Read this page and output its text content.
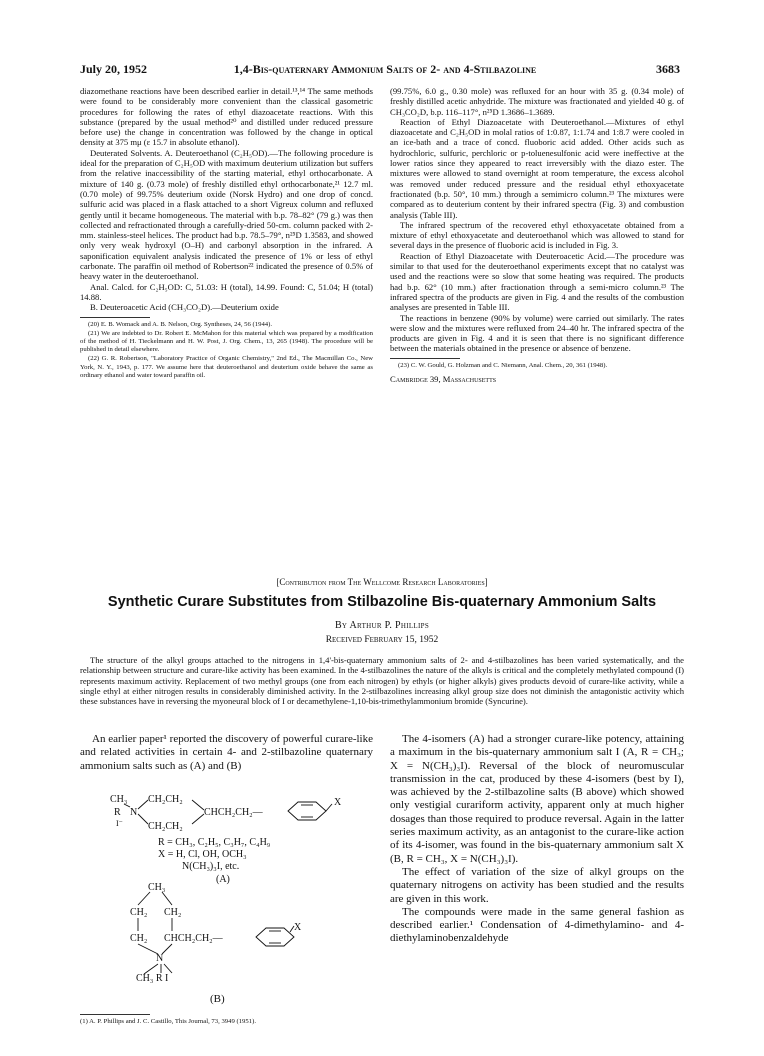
July 20, 1952	1,4-Bis-quaternary Ammonium Salts of 2- and 4-Stilbazoline	3683

diazomethane reactions have been described earlier in detail.¹³,¹⁴ The same methods were found to be considerably more convenient than the classical gasometric procedures for following the rates of ethyl diazoacetate reactions. With this substance (prepared by the usual method²⁰ and distilled under reduced pressure before use) the change in concentration was followed by the change in optical density at 375 mμ (ε 15.7 in absolute ethanol).

Deuterated Solvents. A. Deuteroethanol (C₂H₅OD).—The following procedure is ideal for the preparation of C₂H₅OD with maximum deuterium utilization but suffers from the relative inaccessibility of the starting material, ethyl orthocarbonate. A mixture of 140 g. (0.73 mole) of freshly distilled ethyl orthocarbonate,²¹ 12.7 ml. (0.70 mole) of 99.75% deuterium oxide (Norsk Hydro) and one drop of concd. sulfuric acid was placed in a flask attached to a short Vigreux column and refluxed gently until it became homogeneous. The material with b.p. 78–82° (79 g.) was then collected and refractionated through a carefully-dried 50-cm. column packed with 2-mm. stainless-steel helices. The product had b.p. 78.5–79°, n²⁵D 1.3583, and showed only very weak hydroxyl (O–H) and carbonyl absorption in the infrared. A saponification equivalent analysis indicated the presence of 1% or less of ethyl carbonate. The paraffin oil method of Robertson²² indicated the presence of 0.5% of heavy water in the deuteroethanol.

Anal. Calcd. for C₂H₅OD: C, 51.03: H (total), 14.99. Found: C, 51.04; H (total) 14.88.

B. Deuteroacetic Acid (CH₃CO₂D).—Deuterium oxide

(20) E. B. Womack and A. B. Nelson, Org. Syntheses, 24, 56 (1944).

(21) We are indebted to Dr. Robert E. McMahon for this material which was prepared by a modification of the method of H. Tieckelmann and H. W. Post, J. Org. Chem., 13, 265 (1948). The procedure will be published in detail elsewhere.

(22) G. R. Robertson, "Laboratory Practice of Organic Chemistry," 2nd Ed., The Macmillan Co., New York, N. Y., 1943, p. 177. We assume here that deuteroethanol and deuterium oxide behave the same as ordinary ethanol and water toward paraffin oil.

(99.75%, 6.0 g., 0.30 mole) was refluxed for an hour with 35 g. (0.34 mole) of freshly distilled acetic anhydride. The mixture was fractionated and yielded 40 g. of CH₃CO₂D, b.p. 116–117°, n²⁵D 1.3686–1.3689.

Reaction of Ethyl Diazoacetate with Deuteroethanol.—Mixtures of ethyl diazoacetate and C₂H₅OD in molal ratios of 1:0.87, 1:1.74 and 1:8.7 were cooled in an ice-bath and a trace of concd. fluoboric acid added. Other acids such as hydrochloric, sulfuric, perchloric or p-toluenesulfonic acid were ineffective at the lower ratios since they appeared to react irreversibly with the diazo ester. The mixtures were allowed to stand overnight at room temperature, the excess alcohol was removed under reduced pressure and the residual ethyl ethoxyacetate fractionated (b.p. 50°, 10 mm.) through a semimicro column.²³ The mixtures were compared as to deuterium content by their infrared spectra (Fig. 3) and combustion analysis (Table III).

The infrared spectrum of the recovered ethyl ethoxyacetate obtained from a mixture of ethyl ethoxyacetate and deuteroethanol which was allowed to stand for several days in the presence of fluoboric acid is included in Fig. 3.

Reaction of Ethyl Diazoacetate with Deuteroacetic Acid.—The procedure was similar to that used for the deuteroethanol experiments except that no catalyst was used and the reactions were so slow that some heating was required. The products had b.p. 62° (10 mm.) after fractionation through a semi-micro column.²³ The infrared spectra of the products are given in Fig. 4 and the results of the combustion analyses are presented in Table III.

The reactions in benzene (90% by volume) were carried out similarly. The rates were slow and the mixtures were refluxed from 24–40 hr. The infrared spectra of the products are given in Fig. 4 and it is seen that there is no significant difference between the materials obtained in the presence or absence of benzene.

(23) C. W. Gould, G. Holzman and C. Niemann, Anal. Chem., 20, 361 (1948).

Cambridge 39, Massachusetts
[Contribution from The Wellcome Research Laboratories]
Synthetic Curare Substitutes from Stilbazoline Bis-quaternary Ammonium Salts
By Arthur P. Phillips
Received February 15, 1952
The structure of the alkyl groups attached to the nitrogens in 1,4'-bis-quaternary ammonium salts of 2- and 4-stilbazolines has been varied systematically, and the relationship between structure and curare-like activity has been examined. In the 4-stilbazolines the nature of the alkyls is critical and the completely methylated compound (I) represents maximum activity. Replacement of two methyl groups (one from each nitrogen) by ethyls (or higher alkyls) gives products devoid of curare-like activity, while a single ethyl at either nitrogen results in considerably diminished activity. In the 2-stilbazolines increasing alkyl group size does not diminish the antagonistic activity which these substances have in reversing the myoneural block of I or decamethylene-1,10-bis-trimethylammonium bromide (Syncurine).

An earlier paper¹ reported the discovery of powerful curare-like and related activities in certain 4- and 2-stilbazoline quaternary ammonium salts such as (A) and (B)

CH₃
R N
I⁻
CH₂CH₂
CH₂CH₂
CHCH₂CH₂—
X
R = CH₃, C₂H₅, C₃H₇, C₄H₉
X = H, Cl, OH, OCH₃
N(CH₃)₃I, etc.
(A)
CH₃
CH₂ CH₂
CH₂ CHCH₂CH₂—
X
N
CH₃ R I
(B)
(1) A. P. Phillips and J. C. Castillo, This Journal, 73, 3949 (1951).

The 4-isomers (A) had a stronger curare-like potency, attaining a maximum in the bis-quaternary ammonium salt I (A, R = CH₃; X = N(CH₃)₃I). Reversal of the block of neuromuscular transmission in the cat, produced by these 4-isomers (best by I), was achieved by the 2-stilbazoline salts (B above) which showed only vestigial curariform activity, apparent only at much higher dosages than those required to produce reversal. Again in the latter series maximum activity, as an antagonist to the curare-like action of its 4-isomer, was found in the bis-quaternary ammonium salt X (B, R = CH₃, X = N(CH₃)₃I).

The effect of variation of the size of alkyl groups on the quaternary nitrogens on activity has been studied and the results are given in this work.

The compounds were made in the same general fashion as described earlier.¹ Condensation of 4-dimethylamino- and 4-diethylaminobenzaldehyde
